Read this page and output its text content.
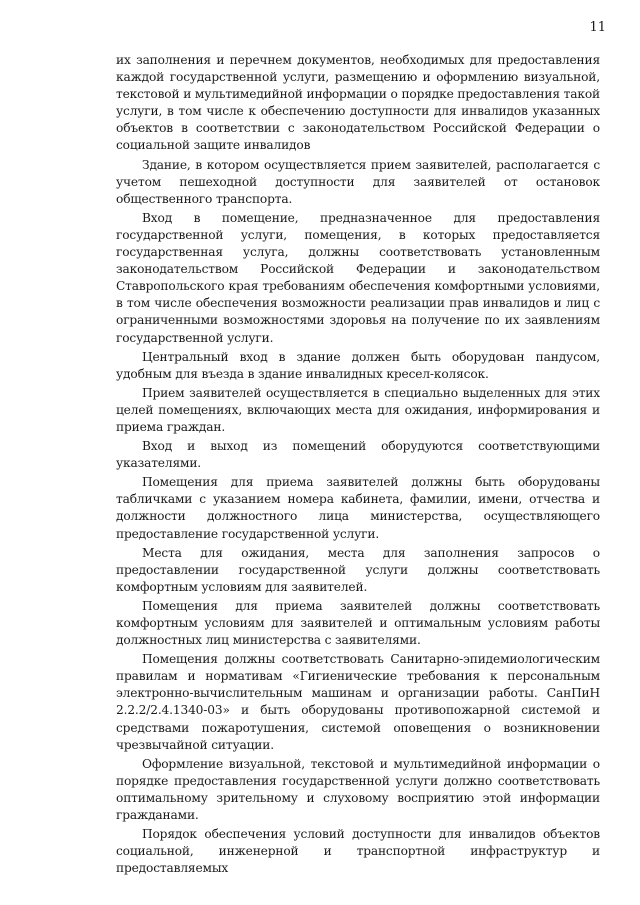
11

их заполнения и перечнем документов, необходимых для предоставления каждой государственной услуги, размещению и оформлению визуальной, текстовой и мультимедийной информации о порядке предоставления такой услуги, в том числе к обеспечению доступности для инвалидов указанных объектов в соответствии с законодательством Российской Федерации о социальной защите инвалидов

Здание, в котором осуществляется прием заявителей, располагается с учетом пешеходной доступности для заявителей от остановок общественного транспорта.

Вход в помещение, предназначенное для предоставления государственной услуги, помещения, в которых предоставляется государственная услуга, должны соответствовать установленным законодательством Российской Федерации и законодательством Ставропольского края требованиям обеспечения комфортными условиями, в том числе обеспечения возможности реализации прав инвалидов и лиц с ограниченными возможностями здоровья на получение по их заявлениям государственной услуги.

Центральный вход в здание должен быть оборудован пандусом, удобным для въезда в здание инвалидных кресел-колясок.

Прием заявителей осуществляется в специально выделенных для этих целей помещениях, включающих места для ожидания, информирования и приема граждан.

Вход и выход из помещений оборудуются соответствующими указателями.

Помещения для приема заявителей должны быть оборудованы табличками с указанием номера кабинета, фамилии, имени, отчества и должности должностного лица министерства, осуществляющего предоставление государственной услуги.

Места для ожидания, места для заполнения запросов о предоставлении государственной услуги должны соответствовать комфортным условиям для заявителей.

Помещения для приема заявителей должны соответствовать комфортным условиям для заявителей и оптимальным условиям работы должностных лиц министерства с заявителями.

Помещения должны соответствовать Санитарно-эпидемиологическим правилам и нормативам «Гигиенические требования к персональным электронно-вычислительным машинам и организации работы. СанПиН 2.2.2/2.4.1340-03» и быть оборудованы противопожарной системой и средствами пожаротушения, системой оповещения о возникновении чрезвычайной ситуации.

Оформление визуальной, текстовой и мультимедийной информации о порядке предоставления государственной услуги должно соответствовать оптимальному зрительному и слуховому восприятию этой информации гражданами.

Порядок обеспечения условий доступности для инвалидов объектов социальной, инженерной и транспортной инфраструктур и предоставляемых
